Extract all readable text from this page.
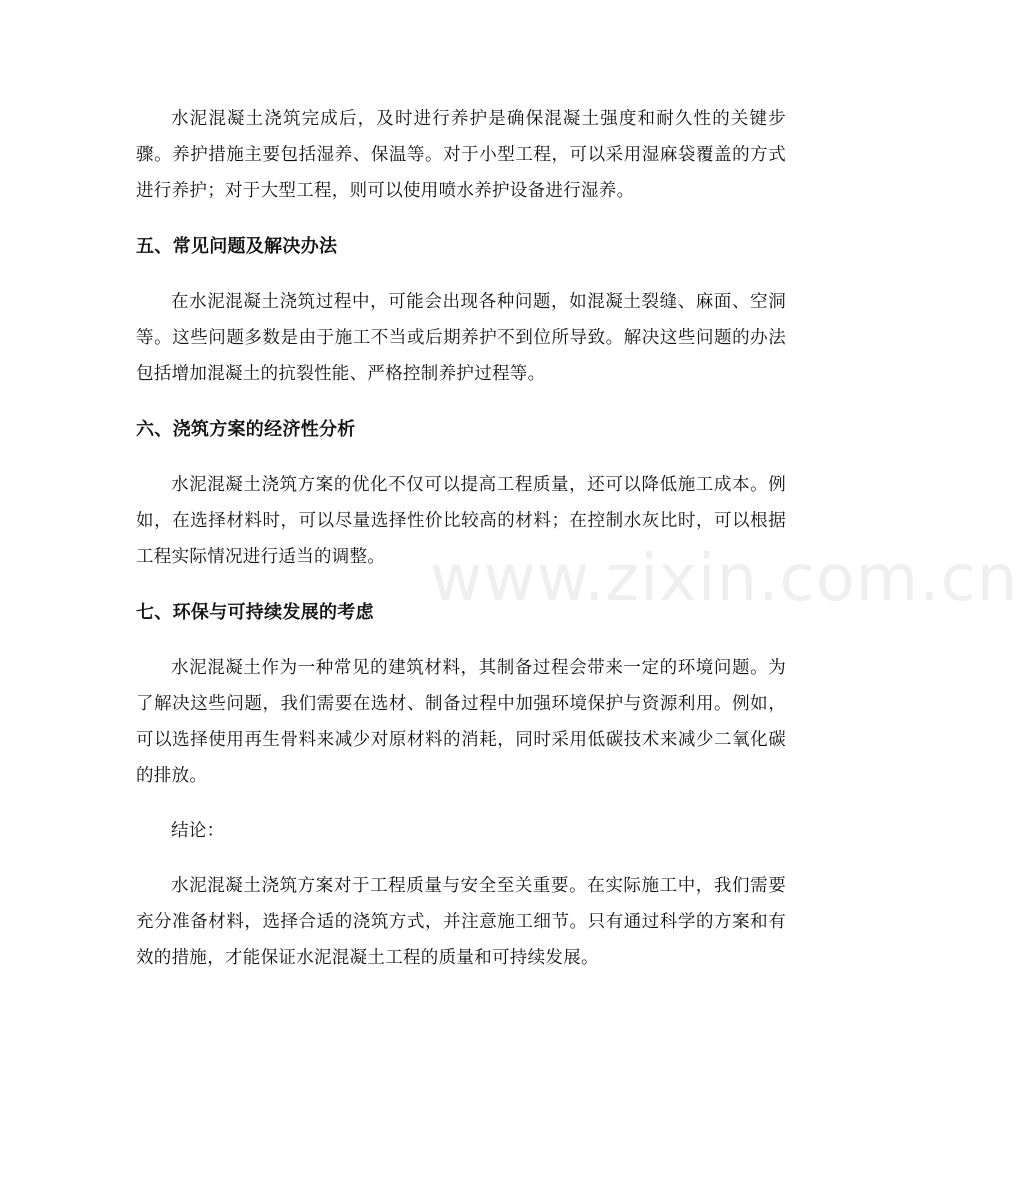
水泥混凝土浇筑完成后，及时进行养护是确保混凝土强度和耐久性的关键步骤。养护措施主要包括湿养、保温等。对于小型工程，可以采用湿麻袋覆盖的方式进行养护；对于大型工程，则可以使用喷水养护设备进行湿养。

五、常见问题及解决办法

在水泥混凝土浇筑过程中，可能会出现各种问题，如混凝土裂缝、麻面、空洞等。这些问题多数是由于施工不当或后期养护不到位所导致。解决这些问题的办法包括增加混凝土的抗裂性能、严格控制养护过程等。

六、浇筑方案的经济性分析

水泥混凝土浇筑方案的优化不仅可以提高工程质量，还可以降低施工成本。例如，在选择材料时，可以尽量选择性价比较高的材料；在控制水灰比时，可以根据工程实际情况进行适当的调整。

七、环保与可持续发展的考虑

水泥混凝土作为一种常见的建筑材料，其制备过程会带来一定的环境问题。为了解决这些问题，我们需要在选材、制备过程中加强环境保护与资源利用。例如，可以选择使用再生骨料来减少对原材料的消耗，同时采用低碳技术来减少二氧化碳的排放。

结论：

水泥混凝土浇筑方案对于工程质量与安全至关重要。在实际施工中，我们需要充分准备材料，选择合适的浇筑方式，并注意施工细节。只有通过科学的方案和有效的措施，才能保证水泥混凝土工程的质量和可持续发展。

www.zixin.com.cn
